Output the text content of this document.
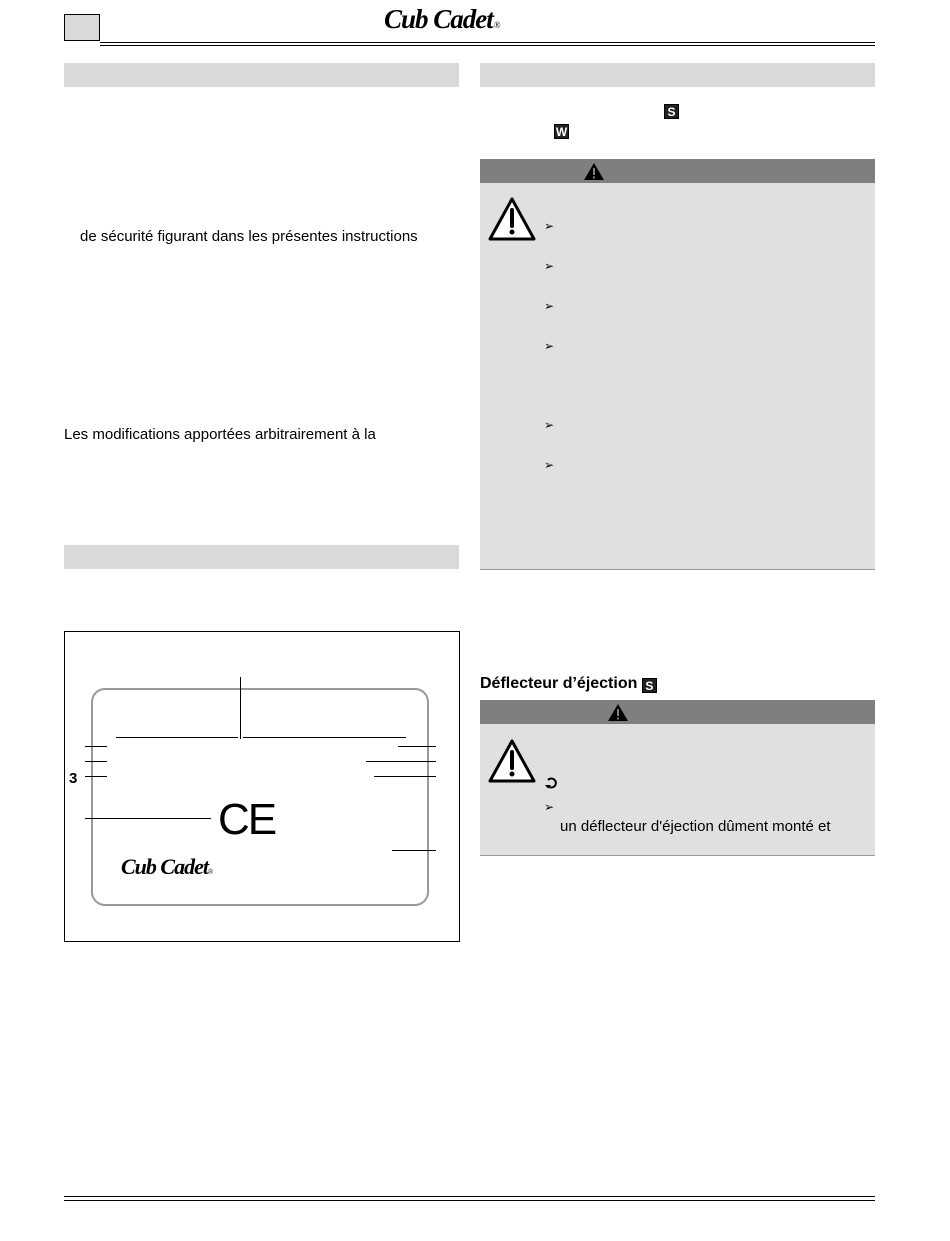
Cub Cadet®
de sécurité figurant dans les présentes instructions
Les modifications apportées arbitrairement à la
3
CE
Cub Cadet®
S
W
➢
➢
➢
➢
➢
➢
Déflecteur d’éjection S
➢
un déflecteur d'éjection dûment monté et
